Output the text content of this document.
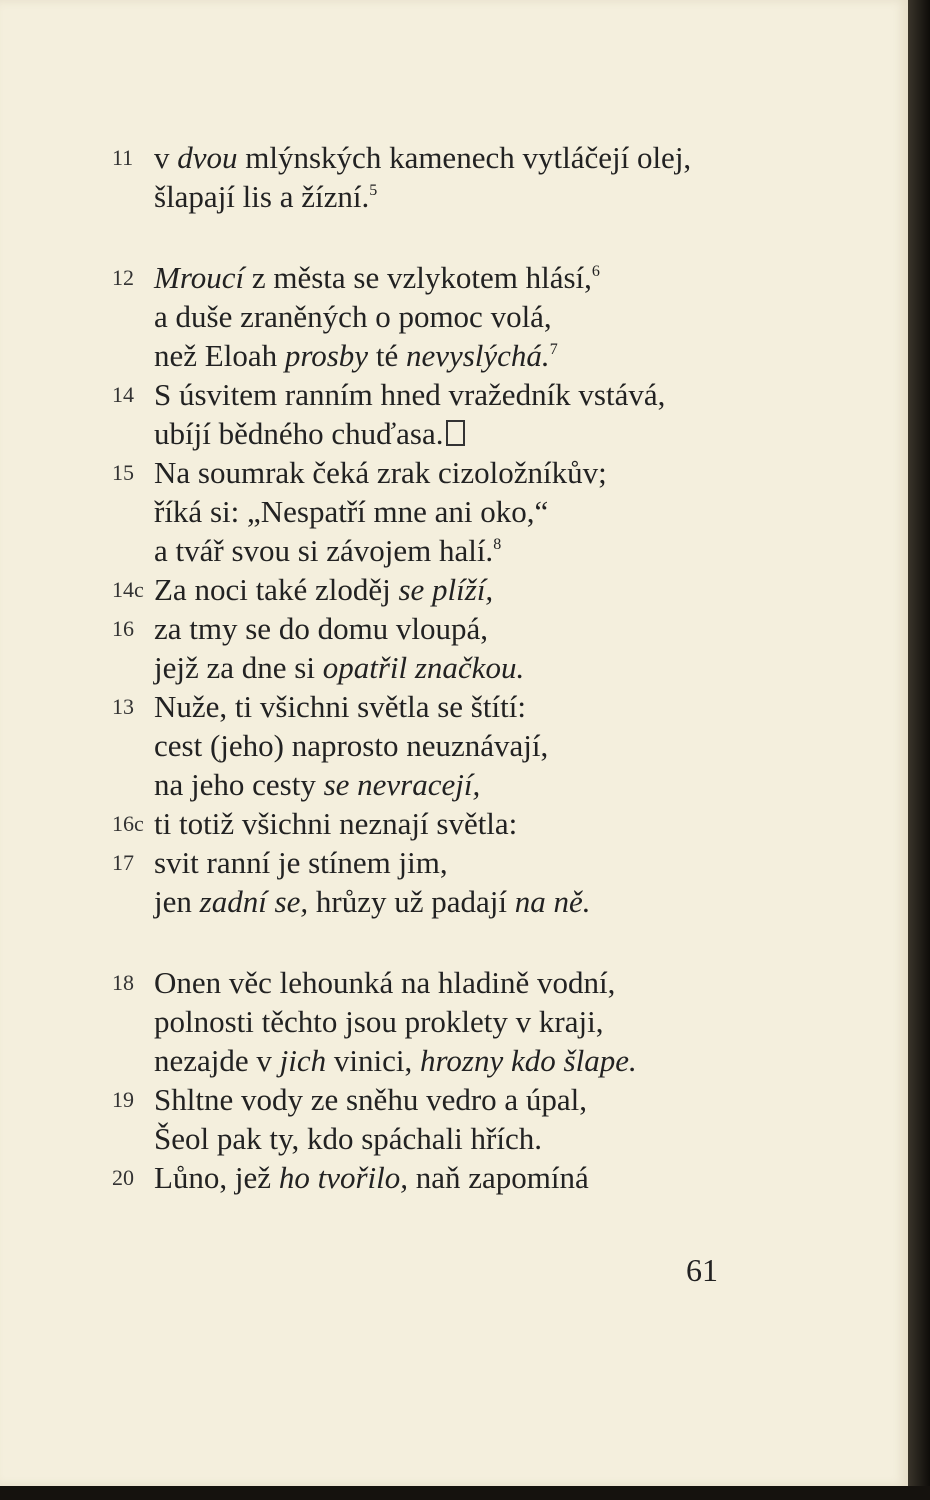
11 v dvou mlýnských kamenech vytláčejí olej,
šlapají lis a žízní.$^5$
12 Mroucí z města se vzlykotem hlásí,$^6$
a duše zraněných o pomoc volá,
než Eloah prosby té nevyslýchá.$^7$
14 S úsvitem ranním hned vražedník vstává,
ubíjí bědného chuďasa.
15 Na soumrak čeká zrak cizoložníkův;
říká si: „Nespatří mne ani oko,“
a tvář svou si závojem halí.$^8$
14c Za noci také zloděj se plíží,
16 za tmy se do domu vloupá,
jejž za dne si opatřil značkou.
13 Nuže, ti všichni světla se štítí:
cest (jeho) naprosto neuznávají,
na jeho cesty se nevracejí,
16c ti totiž všichni neznají světla:
17 svit ranní je stínem jim,
jen zadní se, hrůzy už padají na ně.
18 Onen věc lehounká na hladině vodní,
polnosti těchto jsou proklety v kraji,
nezajde v jich vinici, hrozny kdo šlape.
19 Shltne vody ze sněhu vedro a úpal,
Šeol pak ty, kdo spáchali hřích.
20 Lůno, jež ho tvořilo, naň zapomíná
61
